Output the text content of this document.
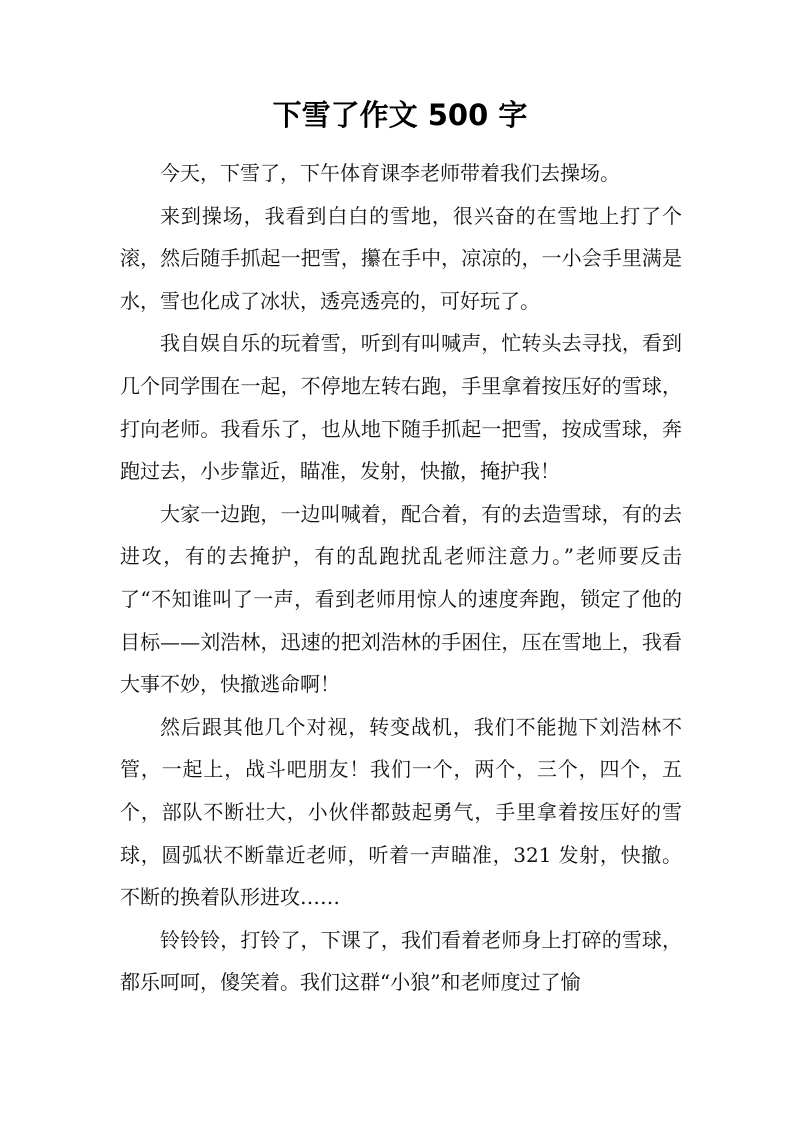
下雪了作文 500 字

今天，下雪了，下午体育课李老师带着我们去操场。

来到操场，我看到白白的雪地，很兴奋的在雪地上打了个滚，然后随手抓起一把雪，攥在手中，凉凉的，一小会手里满是水，雪也化成了冰状，透亮透亮的，可好玩了。

我自娱自乐的玩着雪，听到有叫喊声，忙转头去寻找，看到几个同学围在一起，不停地左转右跑，手里拿着按压好的雪球，打向老师。我看乐了，也从地下随手抓起一把雪，按成雪球，奔跑过去，小步靠近，瞄准，发射，快撤，掩护我！

大家一边跑，一边叫喊着，配合着，有的去造雪球，有的去进攻，有的去掩护，有的乱跑扰乱老师注意力。”老师要反击了“不知谁叫了一声，看到老师用惊人的速度奔跑，锁定了他的目标——刘浩林，迅速的把刘浩林的手困住，压在雪地上，我看大事不妙，快撤逃命啊！

然后跟其他几个对视，转变战机，我们不能抛下刘浩林不管，一起上，战斗吧朋友！我们一个，两个，三个，四个，五个，部队不断壮大，小伙伴都鼓起勇气，手里拿着按压好的雪球，圆弧状不断靠近老师，听着一声瞄准，321 发射，快撤。不断的换着队形进攻……

铃铃铃，打铃了，下课了，我们看着老师身上打碎的雪球，都乐呵呵，傻笑着。我们这群“小狼”和老师度过了愉
